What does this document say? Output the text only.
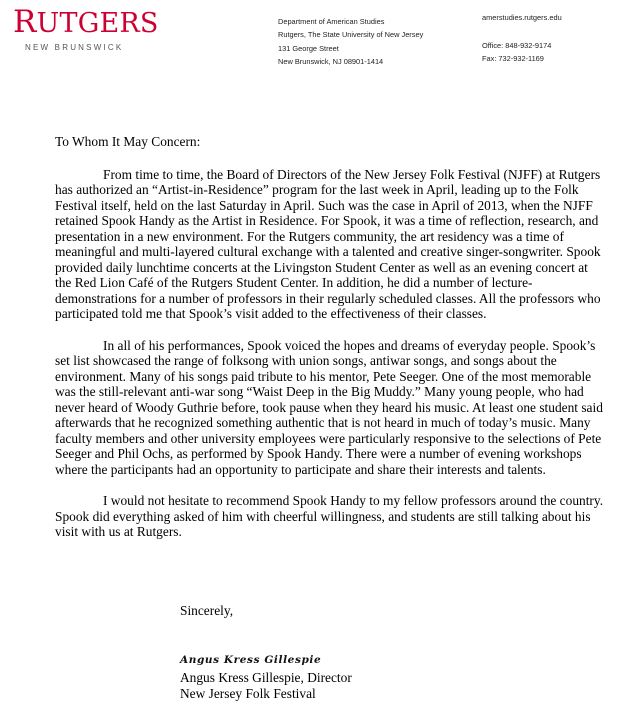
RUTGERS
NEW BRUNSWICK
Department of American Studies
Rutgers, The State University of New Jersey
131 George Street
New Brunswick, NJ 08901-1414
amerstudies.rutgers.edu
Office: 848-932-9174
Fax: 732-932-1169

To Whom It May Concern:

From time to time, the Board of Directors of the New Jersey Folk Festival (NJFF) at Rutgers has authorized an “Artist-in-Residence” program for the last week in April, leading up to the Folk Festival itself, held on the last Saturday in April. Such was the case in April of 2013, when the NJFF retained Spook Handy as the Artist in Residence. For Spook, it was a time of reflection, research, and presentation in a new environment. For the Rutgers community, the art residency was a time of meaningful and multi-layered cultural exchange with a talented and creative singer-songwriter. Spook provided daily lunchtime concerts at the Livingston Student Center as well as an evening concert at the Red Lion Café of the Rutgers Student Center. In addition, he did a number of lecture-demonstrations for a number of professors in their regularly scheduled classes. All the professors who participated told me that Spook’s visit added to the effectiveness of their classes.

In all of his performances, Spook voiced the hopes and dreams of everyday people. Spook’s set list showcased the range of folksong with union songs, antiwar songs, and songs about the environment. Many of his songs paid tribute to his mentor, Pete Seeger. One of the most memorable was the still-relevant anti-war song “Waist Deep in the Big Muddy.” Many young people, who had never heard of Woody Guthrie before, took pause when they heard his music. At least one student said afterwards that he recognized something authentic that is not heard in much of today’s music. Many faculty members and other university employees were particularly responsive to the selections of Pete Seeger and Phil Ochs, as performed by Spook Handy. There were a number of evening workshops where the participants had an opportunity to participate and share their interests and talents.

I would not hesitate to recommend Spook Handy to my fellow professors around the country. Spook did everything asked of him with cheerful willingness, and students are still talking about his visit with us at Rutgers.

Sincerely,
Angus Kress Gillespie
Angus Kress Gillespie, Director
New Jersey Folk Festival
